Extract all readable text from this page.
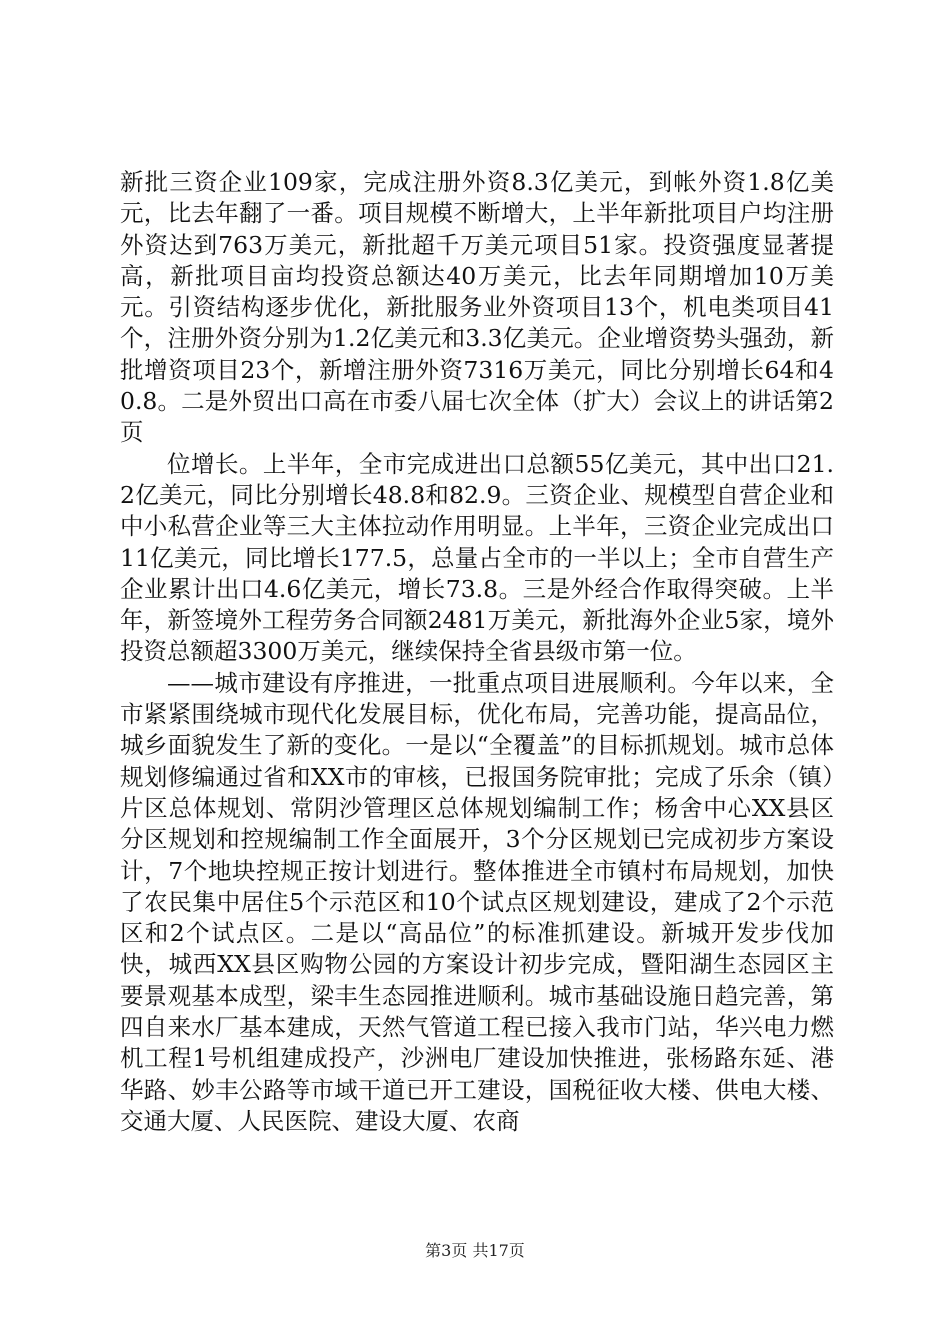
新批三资企业109家，完成注册外资8.3亿美元，到帐外资1.8亿美元，比去年翻了一番。项目规模不断增大，上半年新批项目户均注册外资达到763万美元，新批超千万美元项目51家。投资强度显著提高，新批项目亩均投资总额达40万美元，比去年同期增加10万美元。引资结构逐步优化，新批服务业外资项目13个，机电类项目41个，注册外资分别为1.2亿美元和3.3亿美元。企业增资势头强劲，新批增资项目23个，新增注册外资7316万美元，同比分别增长64和40.8。二是外贸出口高在市委八届七次全体（扩大）会议上的讲话第2页

位增长。上半年，全市完成进出口总额55亿美元，其中出口21.2亿美元，同比分别增长48.8和82.9。三资企业、规模型自营企业和中小私营企业等三大主体拉动作用明显。上半年，三资企业完成出口11亿美元，同比增长177.5，总量占全市的一半以上；全市自营生产企业累计出口4.6亿美元，增长73.8。三是外经合作取得突破。上半年，新签境外工程劳务合同额2481万美元，新批海外企业5家，境外投资总额超3300万美元，继续保持全省县级市第一位。

——城市建设有序推进，一批重点项目进展顺利。今年以来，全市紧紧围绕城市现代化发展目标，优化布局，完善功能，提高品位，城乡面貌发生了新的变化。一是以“全覆盖”的目标抓规划。城市总体规划修编通过省和XX市的审核，已报国务院审批；完成了乐余（镇）片区总体规划、常阴沙管理区总体规划编制工作；杨舍中心XX县区分区规划和控规编制工作全面展开，3个分区规划已完成初步方案设计，7个地块控规正按计划进行。整体推进全市镇村布局规划，加快了农民集中居住5个示范区和10个试点区规划建设，建成了2个示范区和2个试点区。二是以“高品位”的标准抓建设。新城开发步伐加快，城西XX县区购物公园的方案设计初步完成，暨阳湖生态园区主要景观基本成型，梁丰生态园推进顺利。城市基础设施日趋完善，第四自来水厂基本建成，天然气管道工程已接入我市门站，华兴电力燃机工程1号机组建成投产，沙洲电厂建设加快推进，张杨路东延、港华路、妙丰公路等市域干道已开工建设，国税征收大楼、供电大楼、交通大厦、人民医院、建设大厦、农商

第3页 共17页
